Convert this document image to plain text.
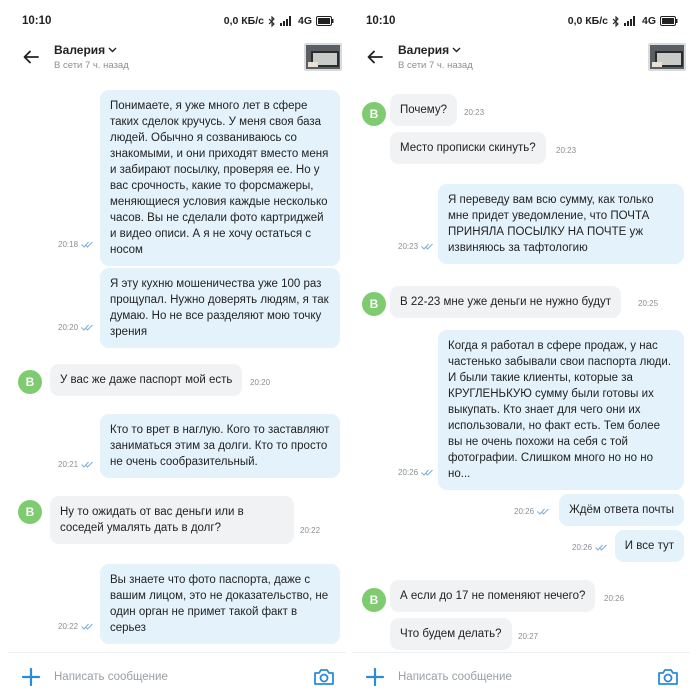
10:10	0,0 КБ/с	4G
Валерия
В сети 7 ч. назад
Понимаете, я уже много лет в сфере таких сделок кручусь. У меня своя база людей. Обычно я созваниваюсь со знакомыми, и они приходят вместо меня и забирают посылку, проверяя ее. Но у вас срочность, какие то форсмажеры, меняющиеся условия каждые несколько часов. Вы не сделали фото картриджей и видео описи. А я не хочу остаться с носом
20:18
Я эту кухню мошеничества уже 100 раз прощупал. Нужно доверять людям, я так думаю. Но не все разделяют мою точку зрения
20:20
В	У вас же даже паспорт мой есть	20:20
Кто то врет в наглую. Кого то заставляют заниматься этим за долги. Кто то просто не очень сообразительный.
20:21
В	Ну то ожидать от вас деньги или в соседей умалять дать в долг?	20:22
Вы знаете что фото паспорта, даже с вашим лицом, это не доказательство, не один орган не примет такой факт в серьез
20:22
Написать сообщение
10:10	0,0 КБ/с	4G
Валерия
В сети 7 ч. назад
В	Почему?	20:23
Место прописки скинуть?	20:23
Я переведу вам всю сумму, как только мне придет уведомление, что ПОЧТА ПРИНЯЛА ПОСЫЛКУ НА ПОЧТЕ уж извиняюсь за тафтологию
20:23
В	В 22-23 мне уже деньги не нужно будут	20:25
Когда я работал в сфере продаж, у нас частенько забывали свои паспорта люди. И были такие клиенты, которые за КРУГЛЕНЬКУЮ сумму были готовы их выкупать. Кто знает для чего они их использовали, но факт есть. Тем более вы не очень похожи на себя с той фотографии. Слишком много но но но но...
20:26
Ждём ответа почты
20:26
И все тут
20:26
В	А если до 17 не поменяют нечего?	20:26
Что будем делать?	20:27
Написать сообщение
